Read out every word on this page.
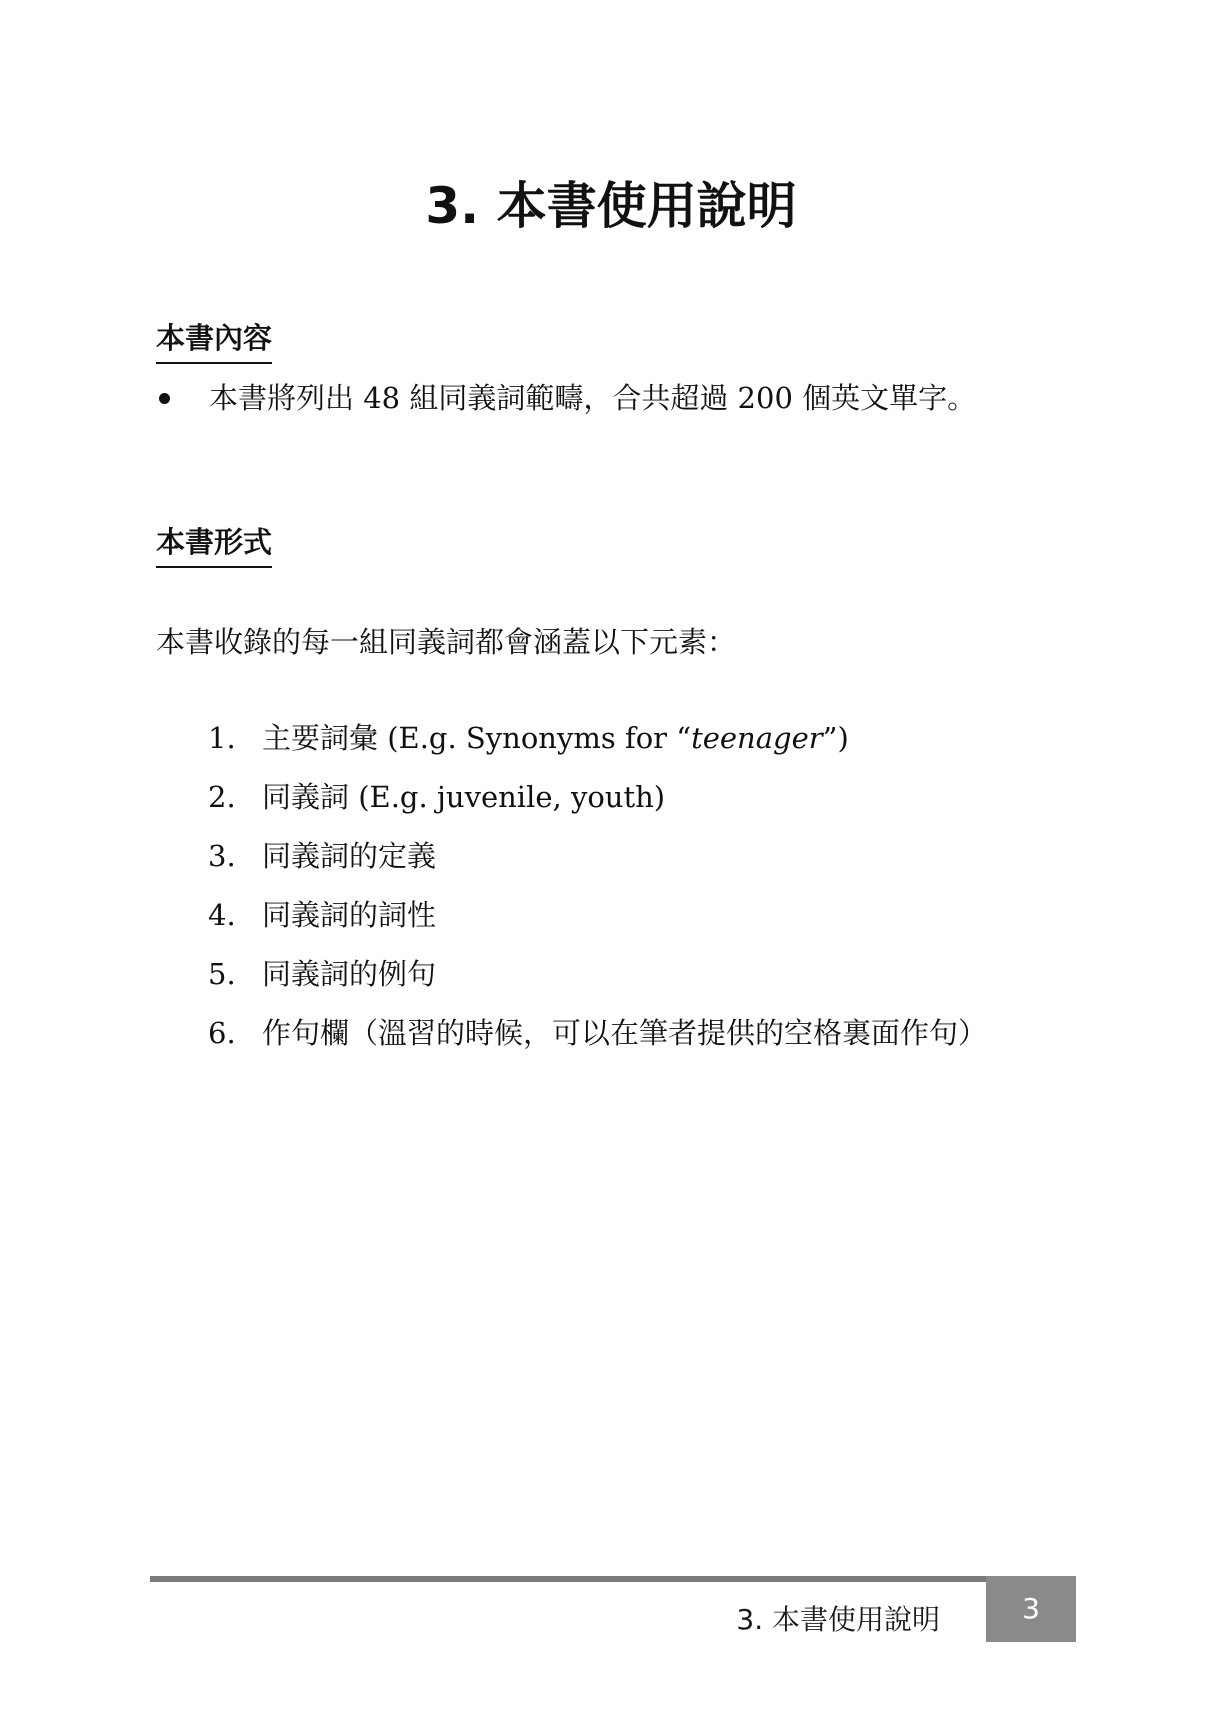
3. 本書使用說明
本書內容
本書將列出 48 組同義詞範疇，合共超過 200 個英文單字。
本書形式

本書收錄的每一組同義詞都會涵蓋以下元素：

1. 主要詞彙 (E.g. Synonyms for “teenager”)
2. 同義詞 (E.g. juvenile, youth)
3. 同義詞的定義
4. 同義詞的詞性
5. 同義詞的例句
6. 作句欄（溫習的時候，可以在筆者提供的空格裏面作句）
3. 本書使用說明	3
